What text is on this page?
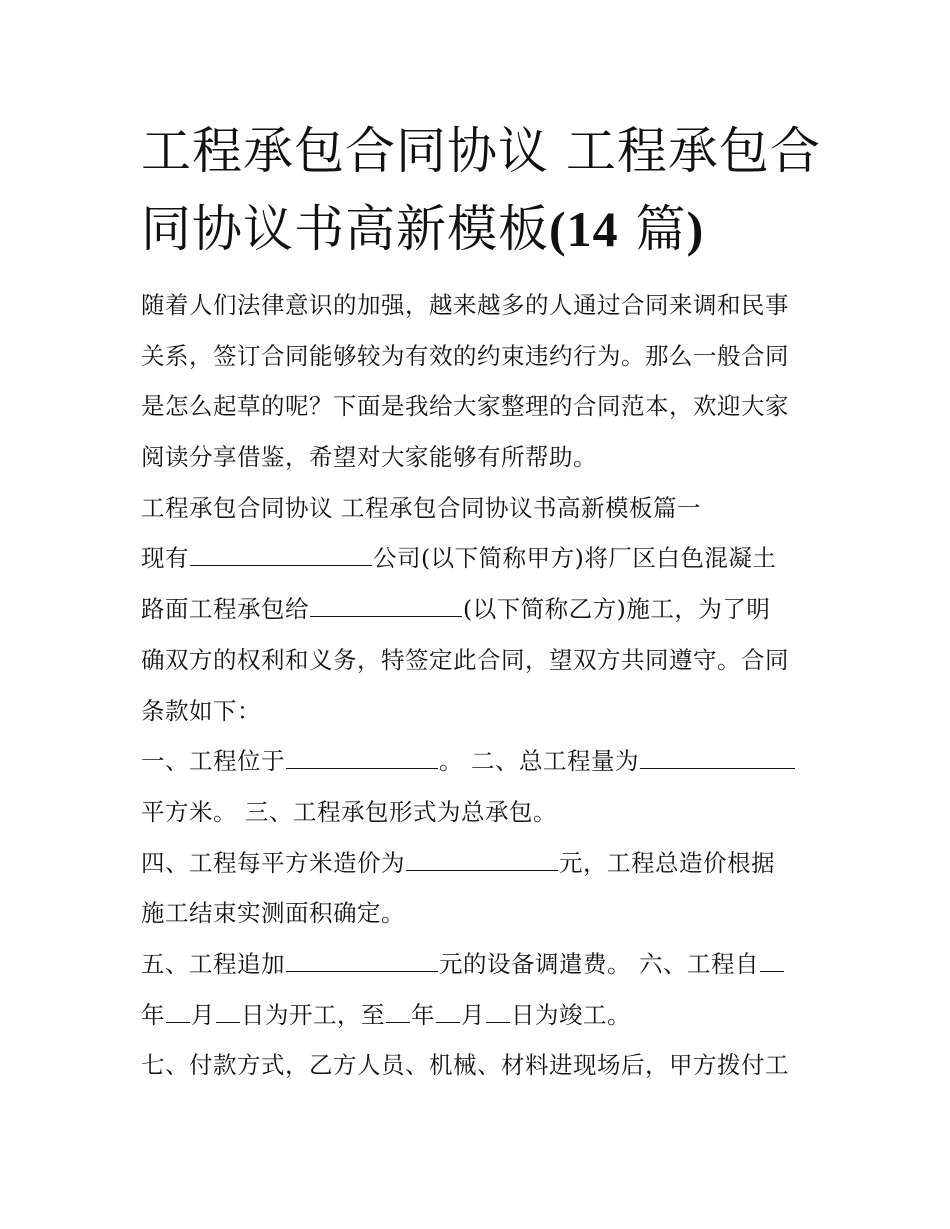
工程承包合同协议 工程承包合
同协议书高新模板(14 篇)
随着人们法律意识的加强，越来越多的人通过合同来调和民事
关系，签订合同能够较为有效的约束违约行为。那么一般合同
是怎么起草的呢？下面是我给大家整理的合同范本，欢迎大家
阅读分享借鉴，希望对大家能够有所帮助。
工程承包合同协议 工程承包合同协议书高新模板篇一
现有	公司(以下简称甲方)将厂区白色混凝土
路面工程承包给	(以下简称乙方)施工，为了明
确双方的权利和义务，特签定此合同，望双方共同遵守。合同
条款如下：
一、工程位于	。 二、总工程量为
平方米。 三、工程承包形式为总承包。
四、工程每平方米造价为	元，工程总造价根据
施工结束实测面积确定。
五、工程追加	元的设备调遣费。 六、工程自
年 月 日为开工，至 年 月 日为竣工。
七、付款方式，乙方人员、机械、材料进现场后，甲方拨付工
